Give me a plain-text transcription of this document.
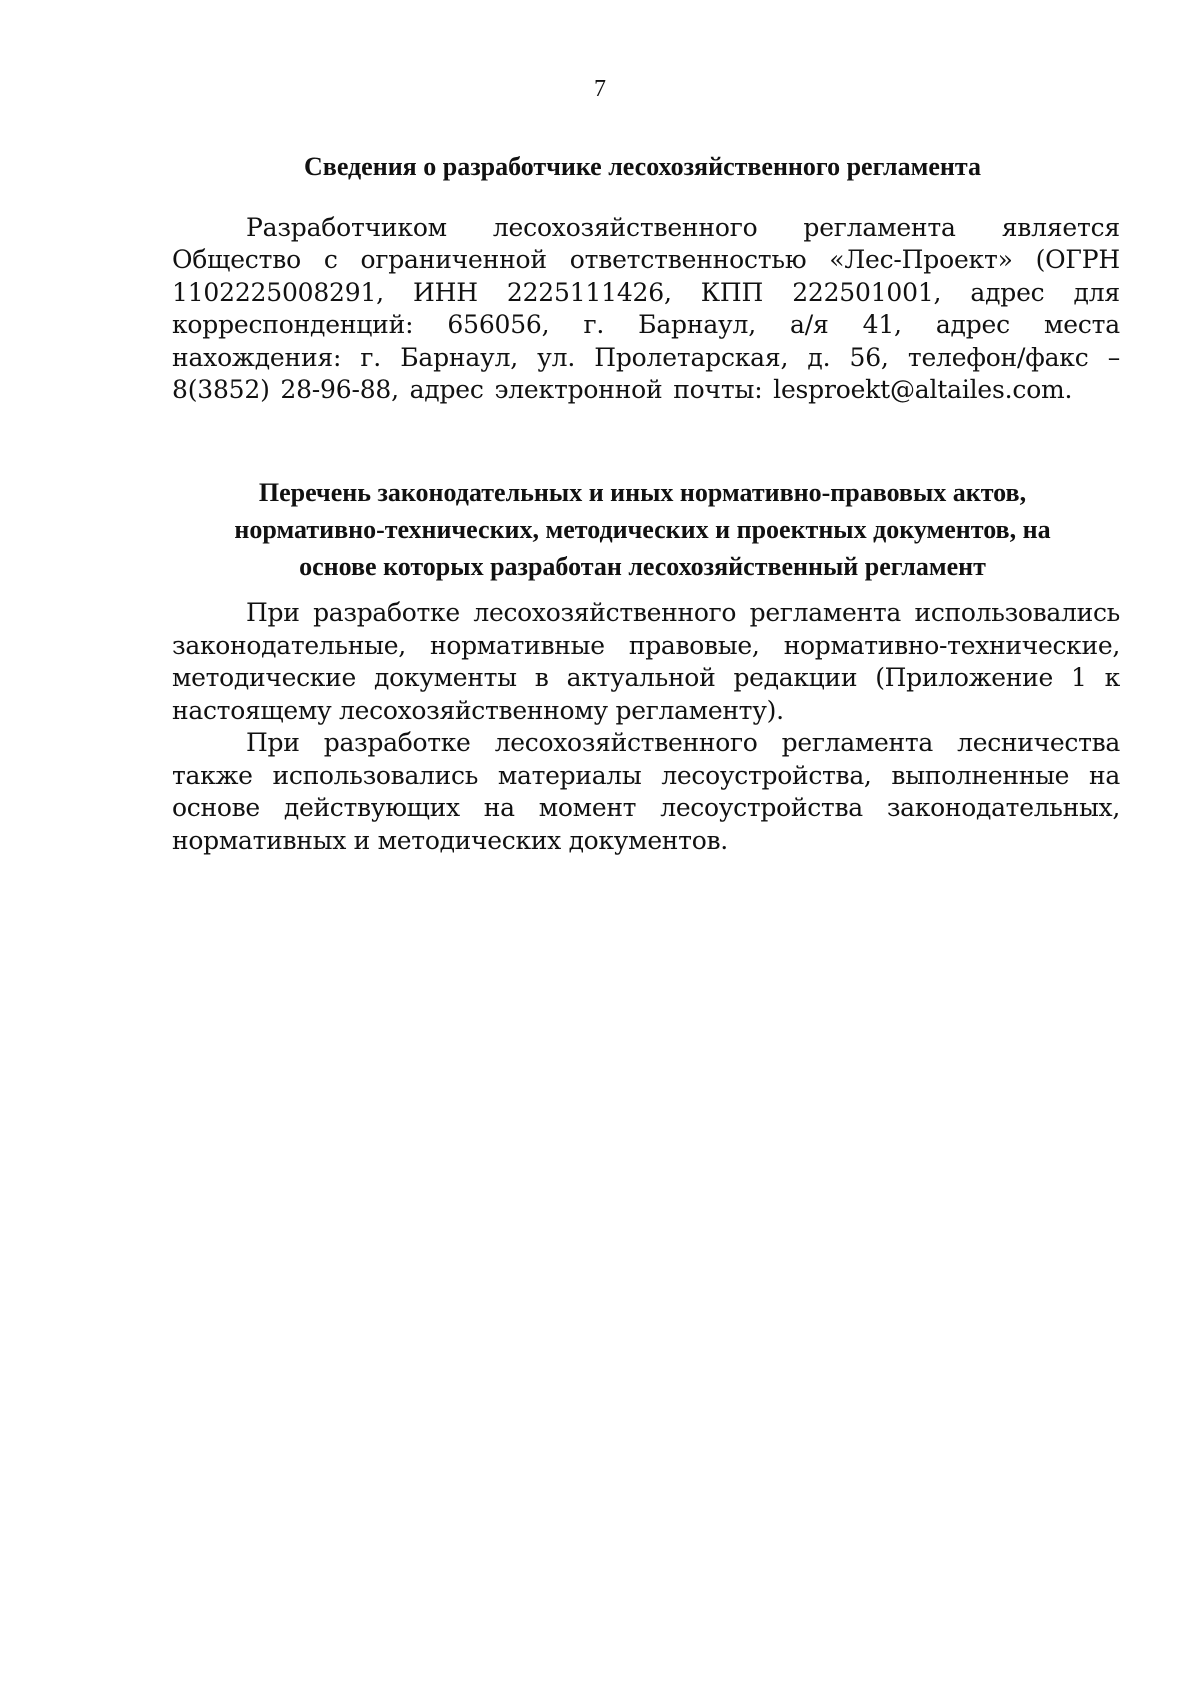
7
Сведения о разработчике лесохозяйственного регламента

Разработчиком лесохозяйственного регламента является Общество с ограниченной ответственностью «Лес-Проект» (ОГРН 1102225008291, ИНН 2225111426, КПП 222501001, адрес для корреспонденций: 656056, г. Барнаул, а/я 41, адрес места нахождения: г. Барнаул, ул. Пролетарская, д. 56, телефон/факс – 8(3852) 28-96-88, адрес электронной почты: lesproekt@altailes.com.

Перечень законодательных и иных нормативно-правовых актов,
нормативно-технических, методических и проектных документов, на
основе которых разработан лесохозяйственный регламент

При разработке лесохозяйственного регламента использовались законодательные, нормативные правовые, нормативно-технические, методические документы в актуальной редакции (Приложение 1 к настоящему лесохозяйственному регламенту).

При разработке лесохозяйственного регламента лесничества также использовались материалы лесоустройства, выполненные на основе действующих на момент лесоустройства законодательных, нормативных и методических документов.
